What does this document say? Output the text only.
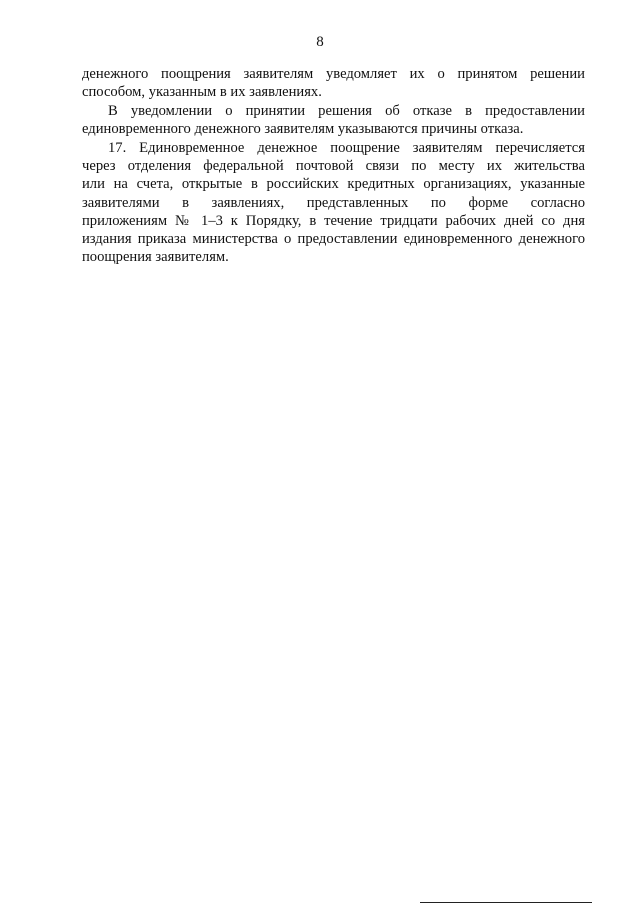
8
денежного поощрения заявителям уведомляет их о принятом решении
способом, указанным в их заявлениях.
В уведомлении о принятии решения об отказе в предоставлении
единовременного денежного заявителям указываются причины отказа.
17. Единовременное денежное поощрение заявителям перечисляется
через отделения федеральной почтовой связи по месту их жительства
или на счета, открытые в российских кредитных организациях, указанные
заявителями в заявлениях, представленных по форме согласно
приложениям № 1–3 к Порядку, в течение тридцати рабочих дней со дня
издания приказа министерства о предоставлении единовременного денежного
поощрения заявителям.
